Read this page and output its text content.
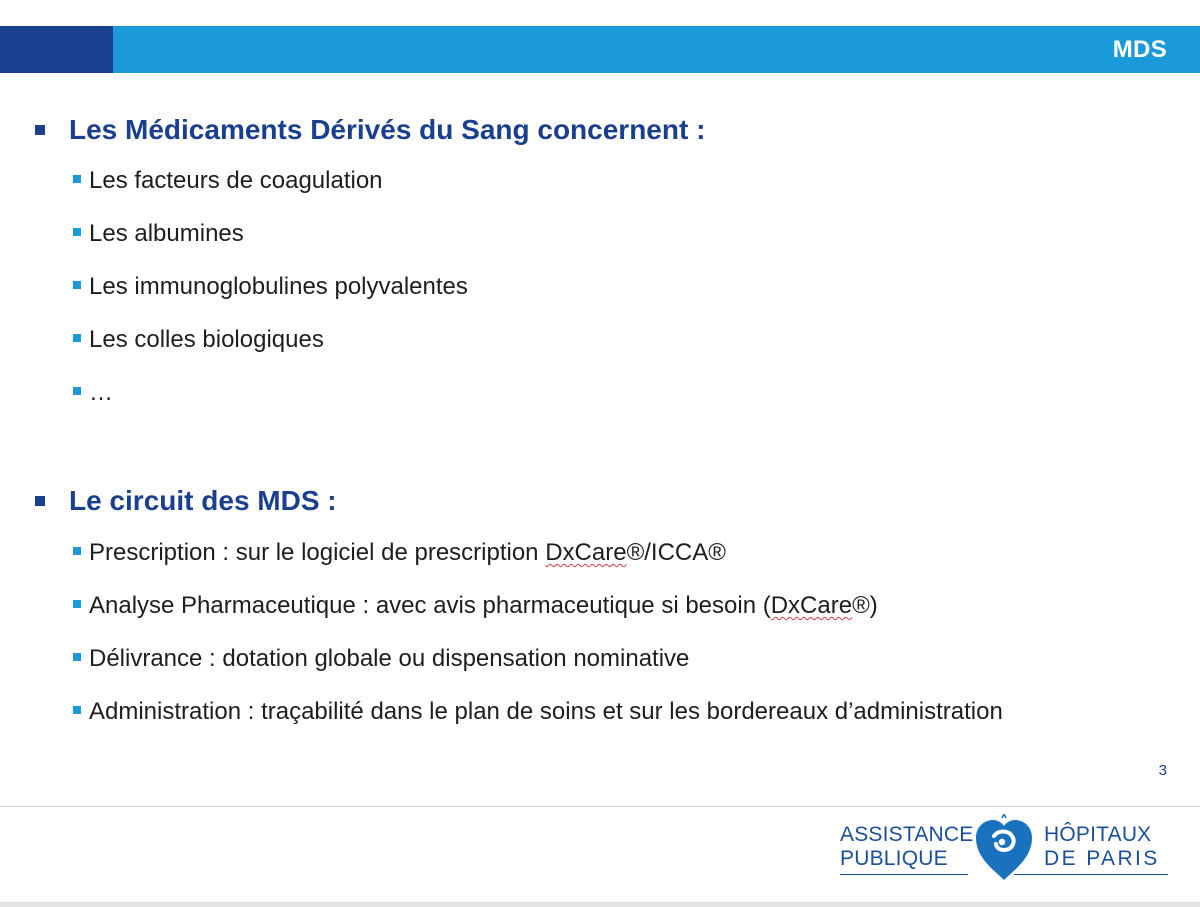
MDS
Les Médicaments Dérivés du Sang concernent :
Les facteurs de coagulation
Les albumines
Les immunoglobulines polyvalentes
Les colles biologiques
…
Le circuit des MDS :
Prescription : sur le logiciel de prescription DxCare®/ICCA®
Analyse Pharmaceutique : avec avis pharmaceutique si besoin (DxCare®)
Délivrance : dotation globale ou dispensation nominative
Administration : traçabilité dans le plan de soins et sur les bordereaux d’administration
3
ASSISTANCE
PUBLIQUE
HÔPITAUX
DE PARIS
